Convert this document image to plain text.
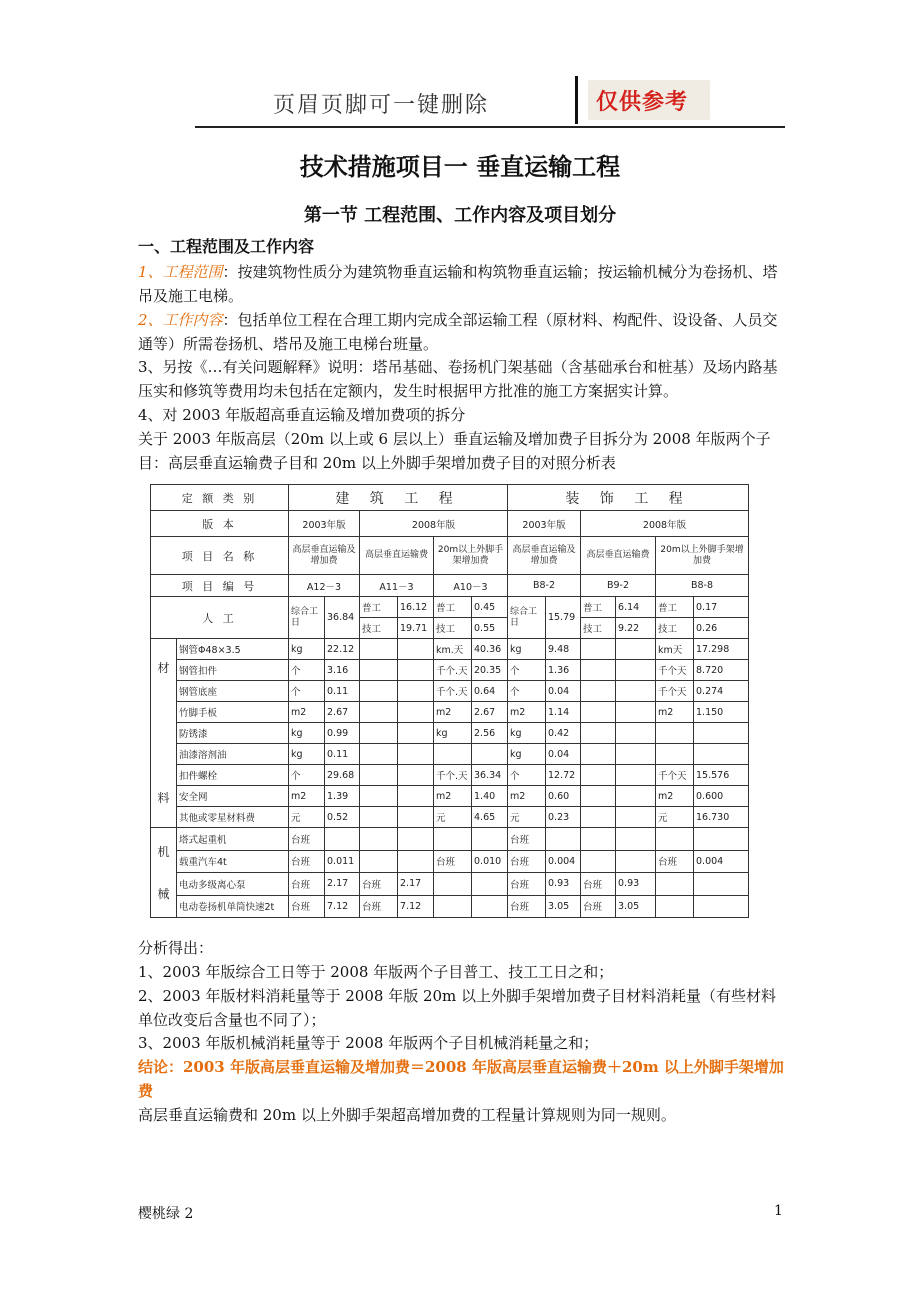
页眉页脚可一键删除	仅供参考
技术措施项目一 垂直运输工程
第一节 工程范围、工作内容及项目划分
一、工程范围及工作内容
1、工程范围：按建筑物性质分为建筑物垂直运输和构筑物垂直运输；按运输机械分为卷扬机、塔吊及施工电梯。
2、工作内容：包括单位工程在合理工期内完成全部运输工程（原材料、构配件、设设备、人员交通等）所需卷扬机、塔吊及施工电梯台班量。
3、另按《…有关问题解释》说明：塔吊基础、卷扬机门架基础（含基础承台和桩基）及场内路基压实和修筑等费用均未包括在定额内，发生时根据甲方批准的施工方案据实计算。
4、对 2003 年版超高垂直运输及增加费项的拆分
关于 2003 年版高层（20m 以上或 6 层以上）垂直运输及增加费子目拆分为 2008 年版两个子目：高层垂直运输费子目和 20m 以上外脚手架增加费子目的对照分析表
定 额 类 别		建 筑 工 程						装 饰 工 程					
版 本		2003年版		2008年版				2003年版		2008年版			
项 目 名 称		高层垂直运输及增加费		高层垂直运输费		20m以上外脚手架增加费		高层垂直运输及增加费		高层垂直运输费		20m以上外脚手架增加费	
项 目 编 号		A12－3		A11－3		A10－3		B8-2		B9-2		B8-8	
人 工		综合工日	36.84	普工	16.12	普工	0.45	综合工日	15.79	普工	6.14	普工	0.17
				技工	19.71	技工	0.55			技工	9.22	技工	0.26

材
料	钢管Φ48×3.5	kg	22.12			km.天	40.36	kg	9.48			km天	17.298
	钢管扣件	个	3.16			千个.天	20.35	个	1.36			千个天	8.720
	钢管底座	个	0.11			千个.天	0.64	个	0.04			千个天	0.274
	竹脚手板	m2	2.67			m2	2.67	m2	1.14			m2	1.150
	防锈漆	kg	0.99			kg	2.56	kg	0.42				
	油漆溶剂油	kg	0.11					kg	0.04				
	扣件螺栓	个	29.68			千个.天	36.34	个	12.72			千个天	15.576
	安全网	m2	1.39			m2	1.40	m2	0.60			m2	0.600
	其他或零星材料费	元	0.52			元	4.65	元	0.23			元	16.730

机
械	塔式起重机	台班						台班					
	载重汽车4t	台班	0.011			台班	0.010	台班	0.004			台班	0.004
	电动多级离心泵	台班	2.17	台班	2.17			台班	0.93	台班	0.93		
	电动卷扬机单筒快速2t	台班	7.12	台班	7.12			台班	3.05	台班	3.05		
分析得出：
1、2003 年版综合工日等于 2008 年版两个子目普工、技工工日之和；
2、2003 年版材料消耗量等于 2008 年版 20m 以上外脚手架增加费子目材料消耗量（有些材料单位改变后含量也不同了）；
3、2003 年版机械消耗量等于 2008 年版两个子目机械消耗量之和；
结论：2003 年版高层垂直运输及增加费＝2008 年版高层垂直运输费＋20m 以上外脚手架增加费
高层垂直运输费和 20m 以上外脚手架超高增加费的工程量计算规则为同一规则。
樱桃绿 2	1
